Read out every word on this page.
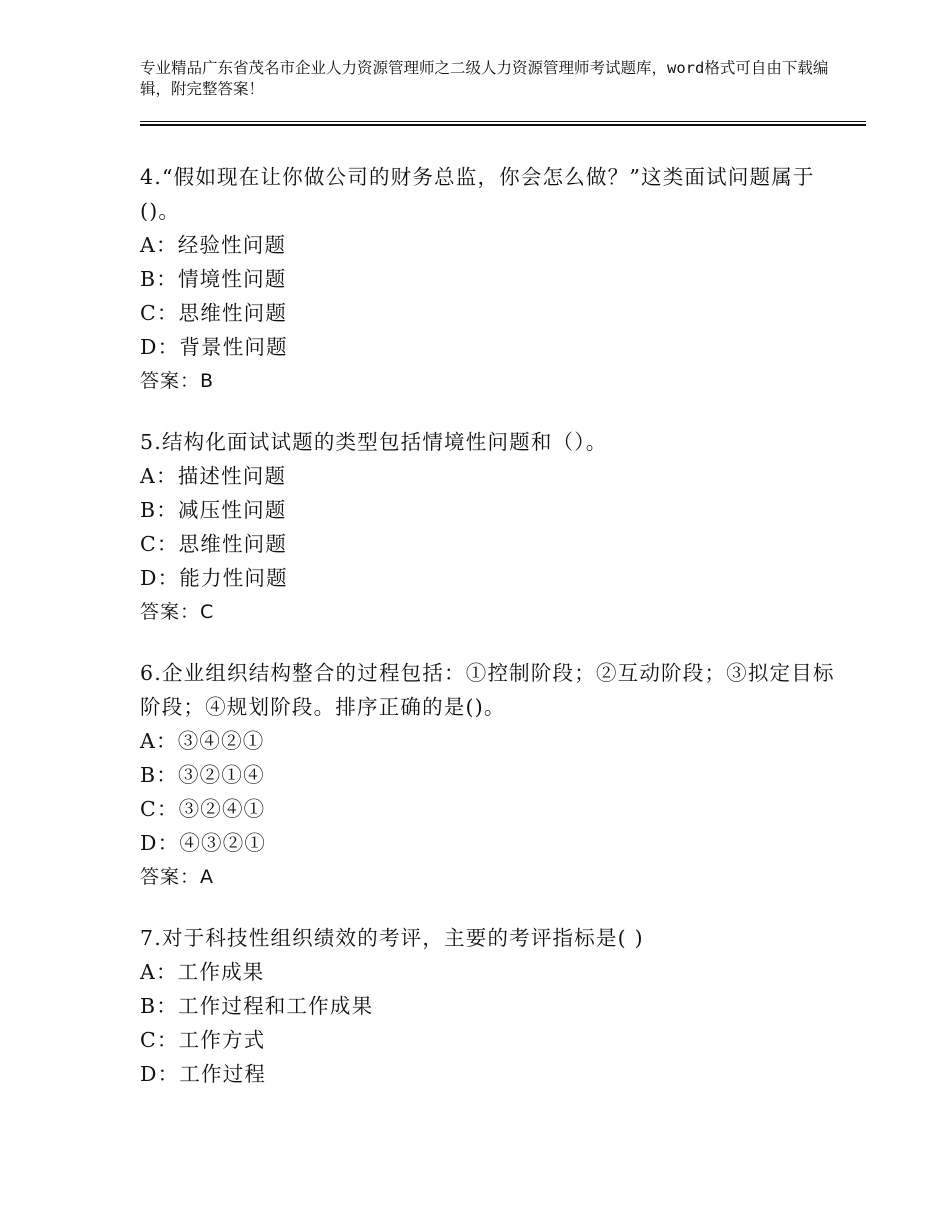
专业精品广东省茂名市企业人力资源管理师之二级人力资源管理师考试题库，word格式可自由下载编辑，附完整答案！
4.“假如现在让你做公司的财务总监，你会怎么做？”这类面试问题属于()。
A：经验性问题
B：情境性问题
C：思维性问题
D：背景性问题
答案：B
5.结构化面试试题的类型包括情境性问题和（）。
A：描述性问题
B：减压性问题
C：思维性问题
D：能力性问题
答案：C
6.企业组织结构整合的过程包括：①控制阶段；②互动阶段；③拟定目标阶段；④规划阶段。排序正确的是()。
A：③④②①
B：③②①④
C：③②④①
D：④③②①
答案：A
7.对于科技性组织绩效的考评，主要的考评指标是( )
A：工作成果
B：工作过程和工作成果
C：工作方式
D：工作过程
